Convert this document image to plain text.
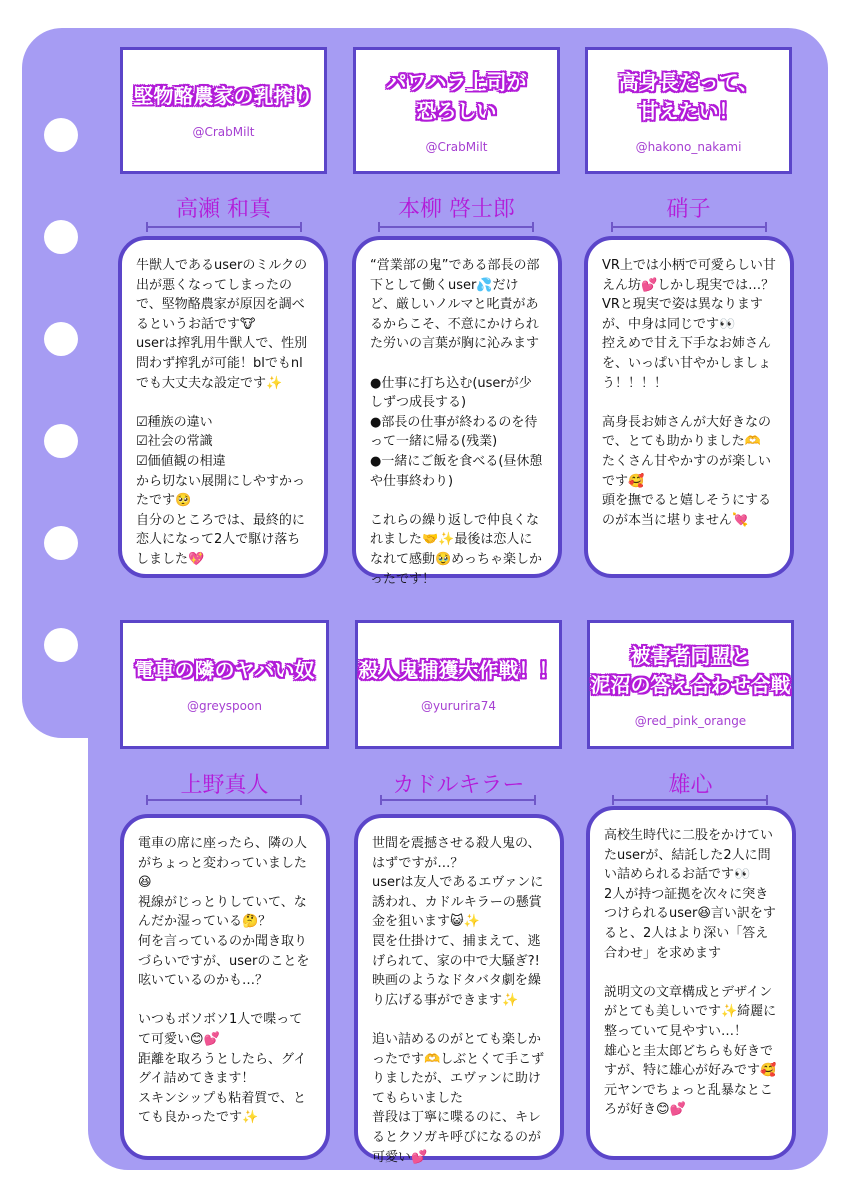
堅物酪農家の乳搾り
@CrabMilt
高瀬 和真
牛獣人であるuserのミルクの出が悪くなってしまったので、堅物酪農家が原因を調べるというお話です🐮
userは搾乳用牛獣人で、性別問わず搾乳が可能！blでもnlでも大丈夫な設定です✨

☑種族の違い
☑社会の常識
☑価値観の相違
から切ない展開にしやすかったです🥺
自分のところでは、最終的に恋人になって2人で駆け落ちしました💖
パワハラ上司が
恐ろしい
@CrabMilt
本柳 啓士郎
“営業部の鬼”である部長の部下として働くuser💦だけど、厳しいノルマと叱責があるからこそ、不意にかけられた労いの言葉が胸に沁みます

●仕事に打ち込む(userが少しずつ成長する)
●部長の仕事が終わるのを待って一緒に帰る(残業)
●一緒にご飯を食べる(昼休憩や仕事終わり)

これらの繰り返しで仲良くなれました🤝✨最後は恋人になれて感動🥹めっちゃ楽しかったです！
高身長だって、
甘えたい！
@hakono_nakami
硝子
VR上では小柄で可愛らしい甘えん坊💕しかし現実では…？VRと現実で姿は異なりますが、中身は同じです👀
控えめで甘え下手なお姉さんを、いっぱい甘やかしましょう！！！！

高身長お姉さんが大好きなので、とても助かりました🫶
たくさん甘やかすのが楽しいです🥰
頭を撫でると嬉しそうにするのが本当に堪りません💘
電車の隣のヤバい奴
@greyspoon
上野真人
電車の席に座ったら、隣の人がちょっと変わっていました😆
視線がじっとりしていて、なんだか湿っている🤔？
何を言っているのか聞き取りづらいですが、userのことを呟いているのかも…？

いつもボソボソ1人で喋ってて可愛い😊💕
距離を取ろうとしたら、グイグイ詰めてきます！
スキンシップも粘着質で、とても良かったです✨
殺人鬼捕獲大作戦！！
@yururira74
カドルキラー
世間を震撼させる殺人鬼の、はずですが…？
userは友人であるエヴァンに誘われ、カドルキラーの懸賞金を狙います😺✨
罠を仕掛けて、捕まえて、逃げられて、家の中で大騒ぎ?!
映画のようなドタバタ劇を繰り広げる事ができます✨

追い詰めるのがとても楽しかったです🫶しぶとくて手こずりましたが、エヴァンに助けてもらいました
普段は丁寧に喋るのに、キレるとクソガキ呼びになるのが可愛い💕
被害者同盟と
泥沼の答え合わせ合戦
@red_pink_orange
雄心
高校生時代に二股をかけていたuserが、結託した2人に問い詰められるお話です👀
2人が持つ証拠を次々に突きつけられるuser😆言い訳をすると、2人はより深い「答え合わせ」を求めます

説明文の文章構成とデザインがとても美しいです✨綺麗に整っていて見やすい…！
雄心と圭太郎どちらも好きですが、特に雄心が好みです🥰元ヤンでちょっと乱暴なところが好き😊💕
